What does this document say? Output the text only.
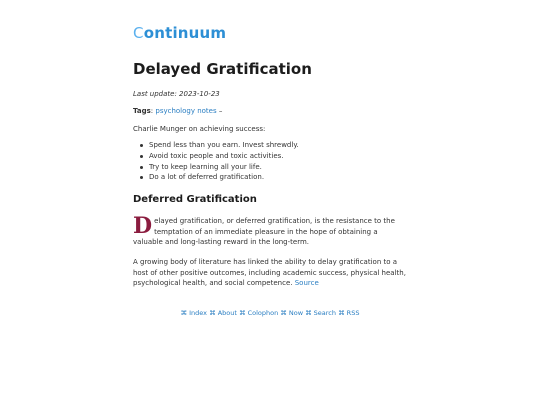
Continuum
Delayed Gratification

Last update: 2023-10-23

Tags: psychology notes –

Charlie Munger on achieving success:

Spend less than you earn. Invest shrewdly.
Avoid toxic people and toxic activities.
Try to keep learning all your life.
Do a lot of deferred gratification.
Deferred Gratification

Delayed gratification, or deferred gratification, is the resistance to the temptation of an immediate pleasure in the hope of obtaining a valuable and long-lasting reward in the long-term.

A growing body of literature has linked the ability to delay gratification to a host of other positive outcomes, including academic success, physical health, psychological health, and social competence. Source

⌘ Index ⌘ About ⌘ Colophon ⌘ Now ⌘ Search ⌘ RSS
